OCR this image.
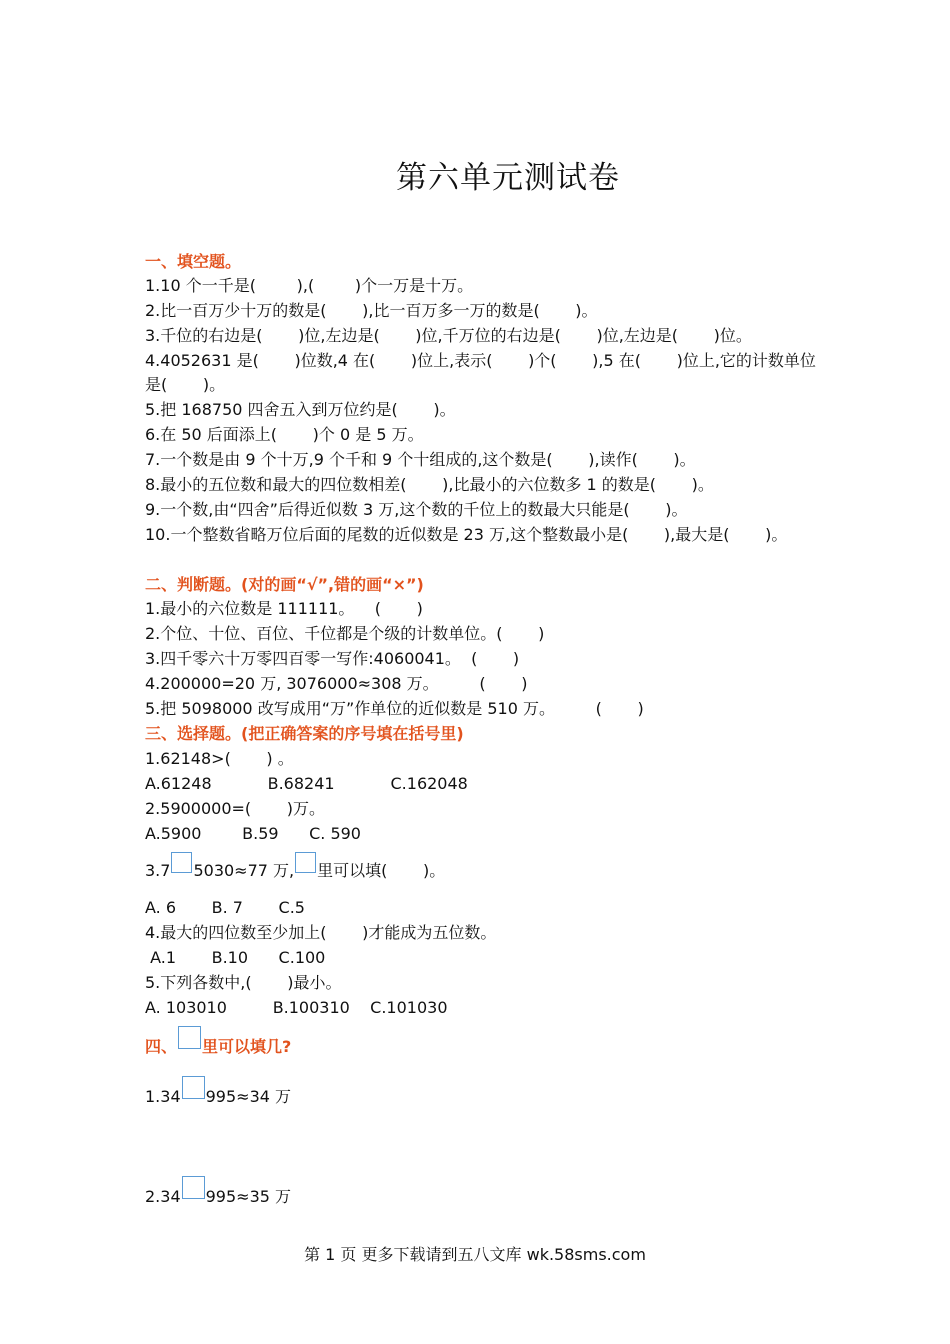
第六单元测试卷
一、填空题。
1.10 个一千是(        ),(        )个一万是十万。
2.比一百万少十万的数是(       ),比一百万多一万的数是(       )。
3.千位的右边是(       )位,左边是(       )位,千万位的右边是(       )位,左边是(       )位。
4.4052631 是(       )位数,4 在(       )位上,表示(       )个(       ),5 在(       )位上,它的计数单位
是(       )。
5.把 168750 四舍五入到万位约是(       )。
6.在 50 后面添上(       )个 0 是 5 万。
7.一个数是由 9 个十万,9 个千和 9 个十组成的,这个数是(       ),读作(       )。
8.最小的五位数和最大的四位数相差(       ),比最小的六位数多 1 的数是(       )。
9.一个数,由“四舍”后得近似数 3 万,这个数的千位上的数最大只能是(       )。
10.一个整数省略万位后面的尾数的近似数是 23 万,这个整数最小是(       ),最大是(       )。
二、判断题。(对的画“√”,错的画“×”)
1.最小的六位数是 111111。    (       )
2.个位、十位、百位、千位都是个级的计数单位。(       )
3.四千零六十万零四百零一写作:4060041。  (       )
4.200000=20 万, 3076000≈308 万。        (       )
5.把 5098000 改写成用“万”作单位的近似数是 510 万。        (       )
三、选择题。(把正确答案的序号填在括号里)
1.62148>(       ) 。
A.61248           B.68241           C.162048
2.5900000=(       )万。
A.5900        B.59      C. 590
3.7 5030≈77 万, 里可以填(       )。
A. 6       B. 7       C.5
4.最大的四位数至少加上(       )才能成为五位数。
A.1       B.10      C.100
5.下列各数中,(       )最小。
A. 103010         B.100310    C.101030
四、 里可以填几?
1.34 995≈34 万
2.34 995≈35 万
第 1 页 更多下载请到五八文库 wk.58sms.com
